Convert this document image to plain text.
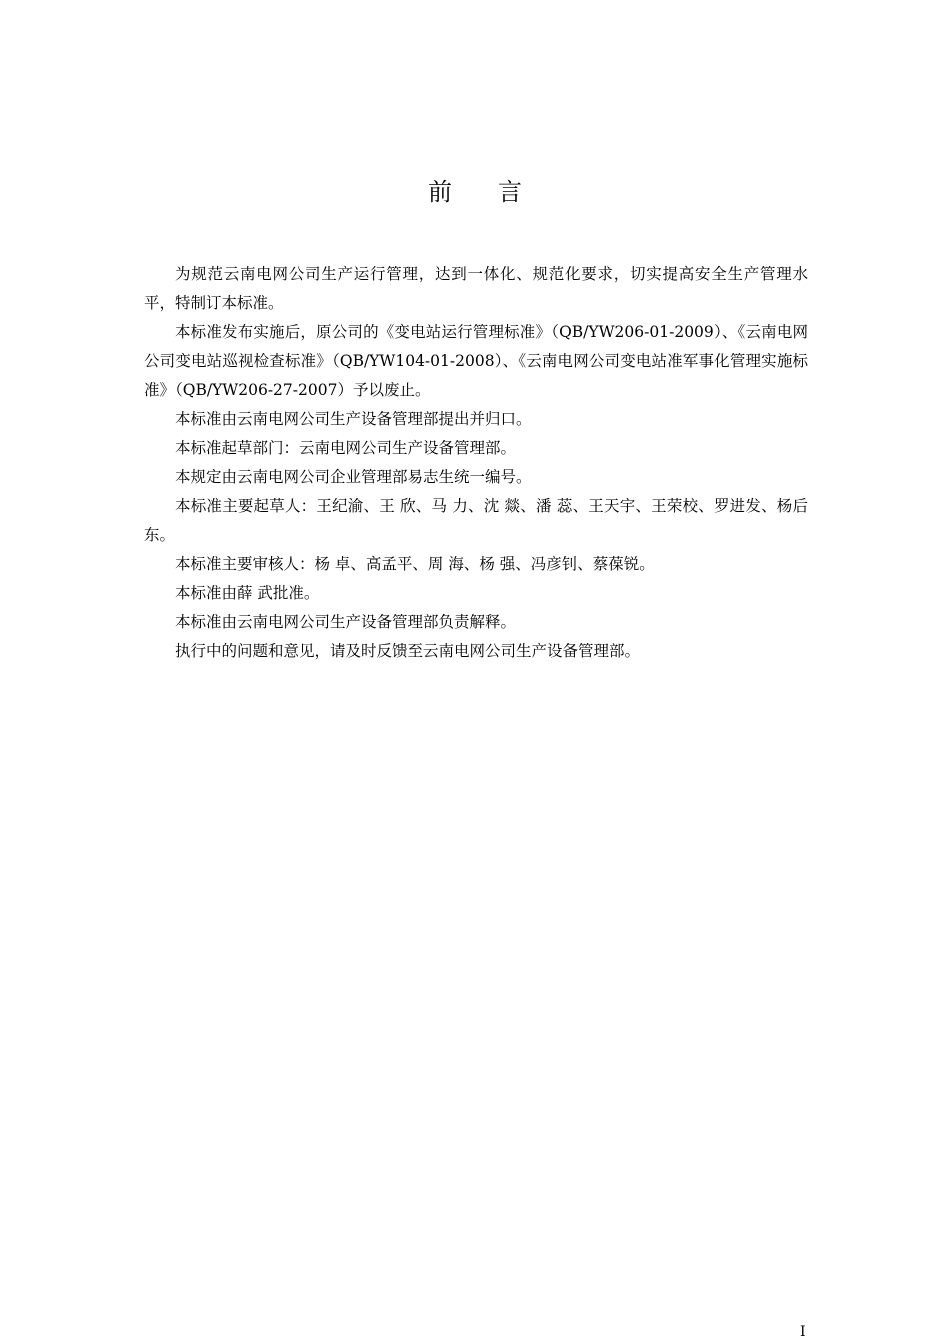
前言

为规范云南电网公司生产运行管理，达到一体化、规范化要求，切实提高安全生产管理水平，特制订本标准。

本标准发布实施后，原公司的《变电站运行管理标准》（QB/YW206-01-2009）、《云南电网公司变电站巡视检查标准》（QB/YW104-01-2008）、《云南电网公司变电站准军事化管理实施标准》（QB/YW206-27-2007）予以废止。

本标准由云南电网公司生产设备管理部提出并归口。

本标准起草部门：云南电网公司生产设备管理部。

本规定由云南电网公司企业管理部易志生统一编号。

本标准主要起草人：王纪渝、王 欣、马 力、沈 燚、潘 蕊、王天宇、王荣校、罗进发、杨后东。

本标准主要审核人：杨 卓、高孟平、周 海、杨 强、冯彦钊、蔡葆锐。

本标准由薛 武批准。

本标准由云南电网公司生产设备管理部负责解释。

执行中的问题和意见，请及时反馈至云南电网公司生产设备管理部。

I
